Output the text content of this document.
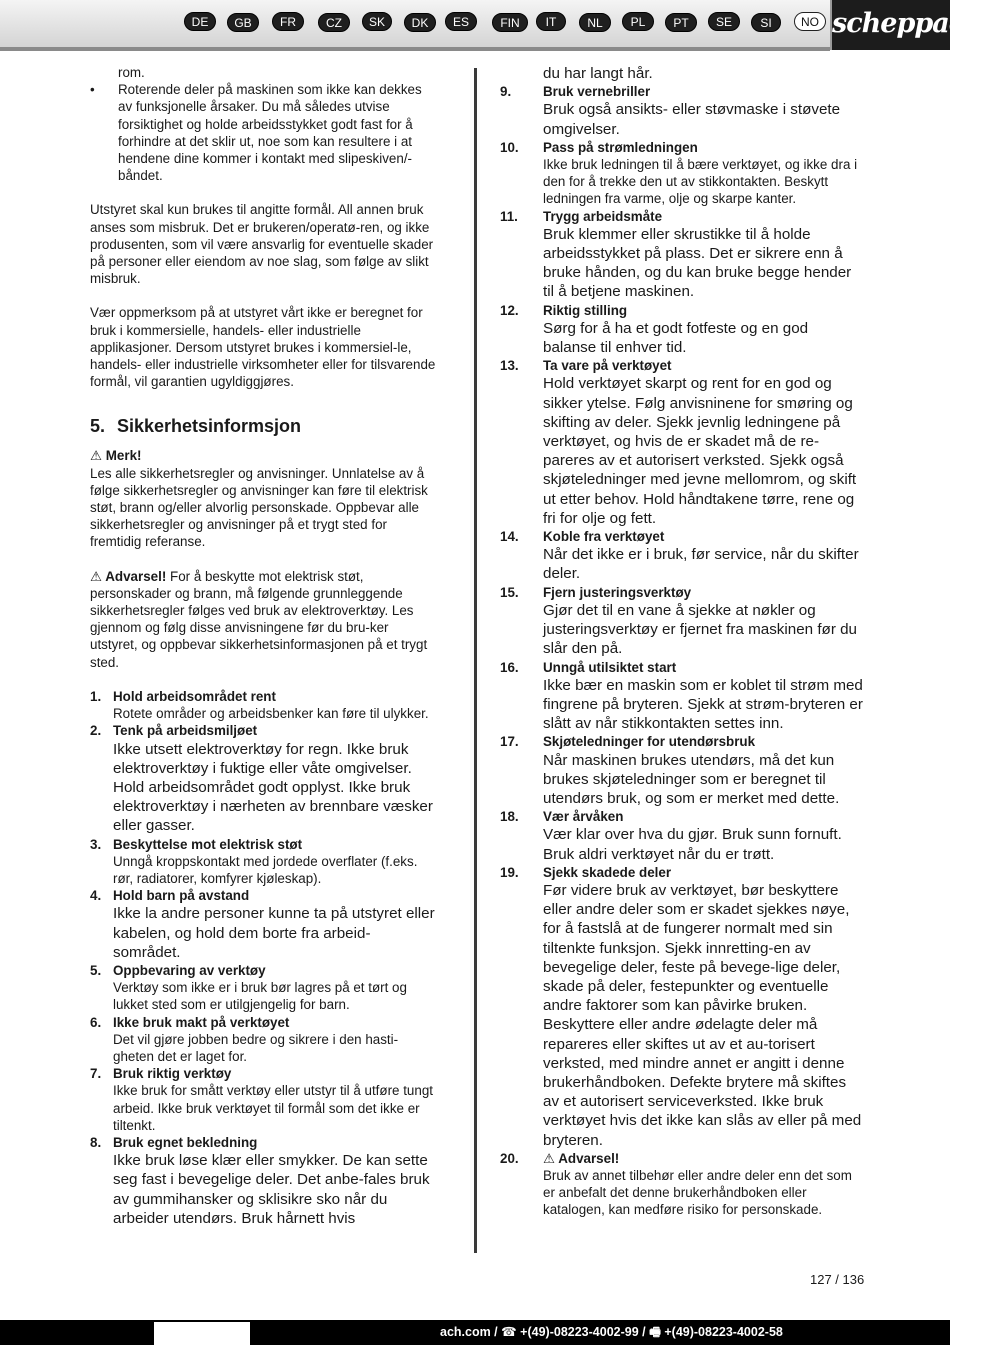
DE	GB	FR	CZ	SK	DK	ES	FIN	IT	NL	PL	PT	SE	SI	NO scheppach
rom.
• Roterende deler på maskinen som ikke kan dekkes av funksjonelle årsaker. Du må således utvise forsiktighet og holde arbeidsstykket godt fast for å forhindre at det sklir ut, noe som kan resultere i at hendene dine kommer i kontakt med slipeskiven/-båndet.
Utstyret skal kun brukes til angitte formål. All annen bruk anses som misbruk. Det er brukeren/operatø-ren, og ikke produsenten, som vil være ansvarlig for eventuelle skader på personer eller eiendom av noe slag, som følge av slikt misbruk.
Vær oppmerksom på at utstyret vårt ikke er beregnet for bruk i kommersielle, handels- eller industrielle applikasjoner. Dersom utstyret brukes i kommersiel-le, handels- eller industrielle virksomheter eller for tilsvarende formål, vil garantien ugyldiggjøres.
5. Sikkerhetsinformsjon
⚠ Merk!
Les alle sikkerhetsregler og anvisninger. Unnlatelse av å følge sikkerhetsregler og anvisninger kan føre til elektrisk støt, brann og/eller alvorlig personskade. Oppbevar alle sikkerhetsregler og anvisninger på et trygt sted for fremtidig referanse.
⚠ Advarsel! For å beskytte mot elektrisk støt, personskader og brann, må følgende grunnleggende sikkerhetsregler følges ved bruk av elektroverktøy. Les gjennom og følg disse anvisningene før du bru-ker utstyret, og oppbevar sikkerhetsinformasjonen på et trygt sted.
1. Hold arbeidsområdet rent
Rotete områder og arbeidsbenker kan føre til ulykker.
2. Tenk på arbeidsmiljøet
Ikke utsett elektroverktøy for regn. Ikke bruk elektroverktøy i fuktige eller våte omgivelser. Hold arbeidsområdet godt opplyst. Ikke bruk elektroverktøy i nærheten av brennbare væsker eller gasser.
3. Beskyttelse mot elektrisk støt
Unngå kroppskontakt med jordede overflater (f.eks. rør, radiatorer, komfyrer kjøleskap).
4. Hold barn på avstand
Ikke la andre personer kunne ta på utstyret eller kabelen, og hold dem borte fra arbeid-sområdet.
5. Oppbevaring av verktøy
Verktøy som ikke er i bruk bør lagres på et tørt og lukket sted som er utilgjengelig for barn.
6. Ikke bruk makt på verktøyet
Det vil gjøre jobben bedre og sikrere i den hasti-gheten det er laget for.
7. Bruk riktig verktøy
Ikke bruk for smått verktøy eller utstyr til å utføre tungt arbeid. Ikke bruk verktøyet til formål som det ikke er tiltenkt.
8. Bruk egnet bekledning
Ikke bruk løse klær eller smykker. De kan sette seg fast i bevegelige deler. Det anbe-fales bruk av gummihansker og sklisikre sko når du arbeider utendørs. Bruk hårnett hvis
du har langt hår.
9.	Bruk vernebriller
Bruk også ansikts- eller støvmaske i støvete omgivelser.
10.	Pass på strømledningen
Ikke bruk ledningen til å bære verktøyet, og ikke dra i den for å trekke den ut av stikkontakten. Beskytt ledningen fra varme, olje og skarpe kanter.
11.	Trygg arbeidsmåte
Bruk klemmer eller skrustikke til å holde arbeidsstykket på plass. Det er sikrere enn å bruke hånden, og du kan bruke begge hender til å betjene maskinen.
12.	Riktig stilling
Sørg for å ha et godt fotfeste og en god balanse til enhver tid.
13.	Ta vare på verktøyet
Hold verktøyet skarpt og rent for en god og sikker ytelse. Følg anvisninene for smøring og skifting av deler. Sjekk jevnlig ledningene på verktøyet, og hvis de er skadet må de re-pareres av et autorisert verksted. Sjekk også skjøteledninger med jevne mellomrom, og skift ut etter behov. Hold håndtakene tørre, rene og fri for olje og fett.
14.	Koble fra verktøyet
Når det ikke er i bruk, før service, når du skifter deler.
15.	Fjern justeringsverktøy
Gjør det til en vane å sjekke at nøkler og justeringsverktøy er fjernet fra maskinen før du slår den på.
16.	Unngå utilsiktet start
Ikke bær en maskin som er koblet til strøm med fingrene på bryteren. Sjekk at strøm-bryteren er slått av når stikkontakten settes inn.
17.	Skjøteledninger for utendørsbruk
Når maskinen brukes utendørs, må det kun brukes skjøteledninger som er beregnet til utendørs bruk, og som er merket med dette.
18.	Vær årvåken
Vær klar over hva du gjør. Bruk sunn fornuft. Bruk aldri verktøyet når du er trøtt.
19.	Sjekk skadede deler
Før videre bruk av verktøyet, bør beskyttere eller andre deler som er skadet sjekkes nøye, for å fastslå at de fungerer normalt med sin tiltenkte funksjon. Sjekk innretting-en av bevegelige deler, feste på bevege-lige deler, skade på deler, festepunkter og eventuelle andre faktorer som kan påvirke bruken. Beskyttere eller andre ødelagte deler må repareres eller skiftes ut av et au-torisert verksted, med mindre annet er angitt i denne brukerhåndboken. Defekte brytere må skiftes av et autorisert serviceverksted. Ikke bruk verktøyet hvis det ikke kan slås av eller på med bryteren.
20.	⚠ Advarsel!
Bruk av annet tilbehør eller andre deler enn det som er anbefalt det denne brukerhåndboken eller katalogen, kan medføre risiko for personskade.
127 / 136
ach.com / ☎ +(49)-08223-4002-99 / 🖷 +(49)-08223-4002-58
